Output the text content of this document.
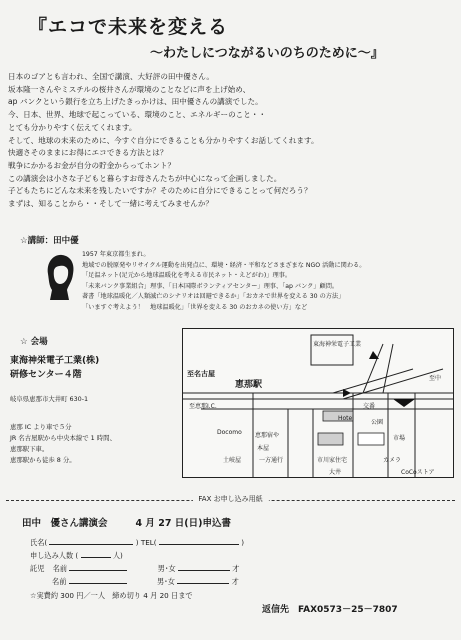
『エコで未来を変える
～わたしにつながるいのちのために～』
日本のゴアとも言われ、全国で講演、大好評の田中優さん。
坂本隆一さんやミスチルの桜井さんが環境のことなどに声を上げ始め、
ap バンクという銀行を立ち上げたきっかけは、田中優さんの講演でした。
今、日本、世界、地球で起こっている、環境のこと、エネルギーのこと・・
とても分かりやすく伝えてくれます。
そして、地球の未来のために、今すぐ自分にできることも分かりやすくお話してくれます。
快適さそのままにお得にエコできる方法とは？
戦争にかかるお金が自分の貯金からってホント？
この講演会は小さな子どもと暮らすお母さんたちが中心になって企画しました。
子どもたちにどんな未来を残したいですか？そのために自分にできることって何だろう？
まずは、知ることから・・そして一緒に考えてみませんか？
☆講師：田中優
1957 年東京都生まれ。
地域での脱原発やリサイクル運動を出発点に、環境・経済・平和などさまざまな NGO 活動に関わる。
「足温ネット(足元から地球温暖化を考える市民ネット・えどがわ)」理事。
「未来バンク事業組合」理事、「日本国際ボランティアセンター」理事、「ap バンク」顧問。
著書「地球温暖化／人類滅亡のシナリオは回避できるか」「おカネで世界を変える 30 の方法」
「いますぐ考えよう！　地球温暖化」「世界を変える 30 のおカネの使い方」など
☆ 会場
東海神栄電子工業(株)
研修センター４階
岐阜県恵那市大井町 630-1
恵那 IC より車で５分
JR 名古屋駅から中央本線で 1 時間、
恵那駅下車。
恵那駅から徒歩 8 分。
東海神栄電子工業
至名古屋
恵那駅
至恵那I.C.
至中
Hotel
公園
Docomo 恵那宿や
本屋
市場
土岐屋	一方通行	市川家住宅	カメラ
大井	CoCoストア
交番
FAX お申し込み用紙
田中　優さん講演会	4 月 27 日(日)申込書
氏名(	) TEL(	)
申し込み人数 (	人)
託児 名前	男･女	才
名前	男･女	才
☆実費約 300 円／一人　締め切り 4 月 20 日まで
返信先　FAX0573－25－7807
